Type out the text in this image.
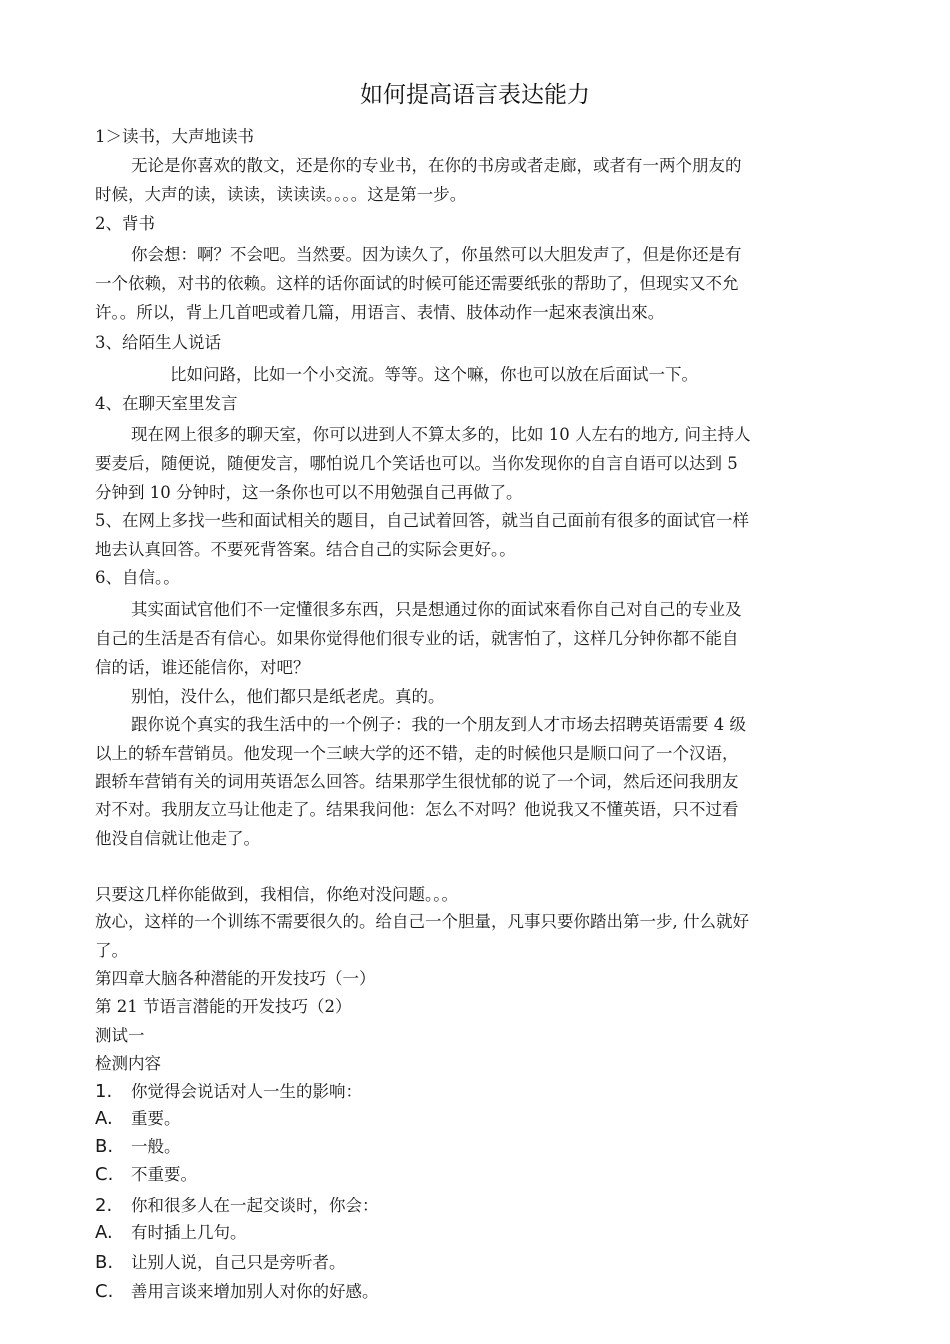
如何提高语言表达能力
1＞读书，大声地读书
无论是你喜欢的散文，还是你的专业书，在你的书房或者走廊，或者有一两个朋友的
时候，大声的读，读读，读读读。。。。这是第一步。
2、背书
你会想：啊？不会吧。当然要。因为读久了，你虽然可以大胆发声了，但是你还是有
一个依赖，对书的依赖。这样的话你面试的时候可能还需要纸张的帮助了，但现实又不允
许。。所以，背上几首吧或着几篇，用语言、表情、肢体动作一起來表演出來。
3、给陌生人说话
比如问路，比如一个小交流。等等。这个嘛，你也可以放在后面试一下。
4、在聊天室里发言
现在网上很多的聊天室，你可以进到人不算太多的，比如 10 人左右的地方, 问主持人
要麦后，随便说，随便发言，哪怕说几个笑话也可以。当你发现你的自言自语可以达到 5
分钟到 10 分钟时，这一条你也可以不用勉强自己再做了。
5、在网上多找一些和面试相关的题目，自己试着回答，就当自己面前有很多的面试官一样
地去认真回答。不要死背答案。结合自己的实际会更好。。
6、自信。。
其实面试官他们不一定懂很多东西，只是想通过你的面试來看你自己对自己的专业及
自己的生活是否有信心。如果你觉得他们很专业的话，就害怕了，这样几分钟你都不能自
信的话，谁还能信你，对吧？
别怕，没什么，他们都只是纸老虎。真的。
跟你说个真实的我生活中的一个例子：我的一个朋友到人才市场去招聘英语需要 4 级
以上的轿车营销员。他发现一个三峡大学的还不错，走的时候他只是顺口问了一个汉语，
跟轿车营销有关的词用英语怎么回答。结果那学生很忧郁的说了一个词，然后还问我朋友
对不对。我朋友立马让他走了。结果我问他：怎么不对吗？他说我又不懂英语，只不过看
他没自信就让他走了。
只要这几样你能做到，我相信，你绝对没问题。。。
放心，这样的一个训练不需要很久的。给自己一个胆量，凡事只要你踏出第一步, 什么就好
了。
第四章大脑各种潜能的开发技巧（一）
第 21 节语言潜能的开发技巧（2）
测试一
检测内容
1. 你觉得会说话对人一生的影响：
A. 重要。
B. 一般。
C. 不重要。
2. 你和很多人在一起交谈时，你会：
A. 有时插上几句。
B. 让别人说，自己只是旁听者。
C. 善用言谈来增加别人对你的好感。
